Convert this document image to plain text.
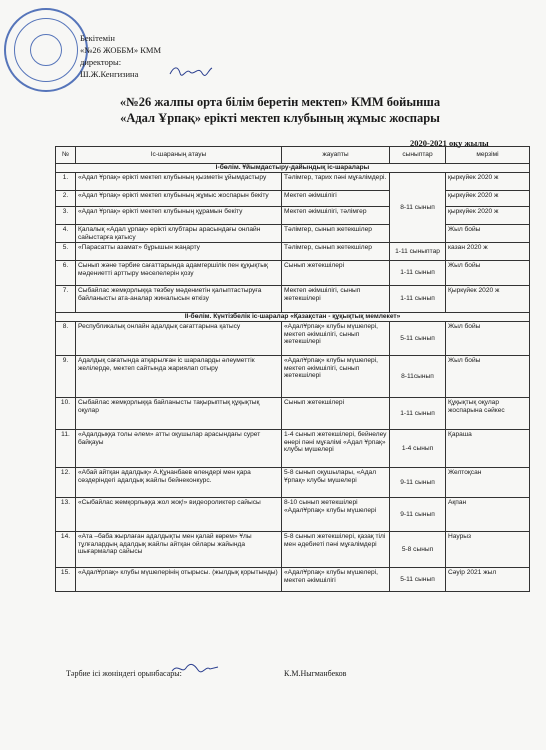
Бекітемін
«№26 ЖОББМ» КММ
директоры:
Ш.Ж.Кенгизина
«№26 жалпы орта білім беретін мектеп» КММ бойынша
«Адал Ұрпақ» ерікті мектеп клубының жұмыс жоспары
2020-2021 оқу жылы
№	Іс-шараның атауы	жауапты	сыныптар	мерзімі
I-бөлім. Ұйымдастыру-дайындық іс-шаралары				
1.	«Адал Ұрпақ» ерікті мектеп клубының қызметін ұйымдастыру	Тәлімгер, тарих пәні мұғалімдері.	8-11 сынып	қыркүйек 2020 ж
2.	«Адал Ұрпақ» ерікті мектеп клубының жұмыс жоспарын бекіту	Мектеп әкімшілігі		қыркүйек 2020 ж
3.	«Адал Ұрпақ» ерікті мектеп клубының құрамын бекіту	Мектеп әкімшілігі, тәлімгер		қыркүйек 2020 ж
4.	Қалалық «Адал ұрпақ» ерікті клубтары арасындағы онлайн сайыстарға қатысу	Тәлімгер, сынып жетекшілер		Жыл бойы
5.	«Парасатты азамат» бұрышын жаңарту	Тәлімгер, сынып жетекшілер	1-11 сыныптар	казан 2020 ж
6.	Сынып және тәрбие сағаттарында адамгершілік пен құқықтық мәдениетті арттыру мәселелерін қозу	Сынып жетекшілері	1-11 сынып	Жыл бойы
7.	Сыбайлас жемқорлыққа төзбеу мәдениетін қалыптастыруға байланысты ата-аналар жиналысын өткізу	Мектеп әкімшілігі, сынып жетекшілері	1-11 сынып	Қыркүйек 2020 ж
II-бөлім. Күнтізбелік іс-шаралар «Қазақстан - құқықтық мемлекет»				
8.	Республикалық онлайн адалдық сағаттарына қатысу	«АдалҰрпақ» клубы мүшелері, мектеп әкімшілігі, сынып жетекшілері	5-11 сынып	Жыл бойы
9.	Адалдық сағатында атқарылған іс шараларды әлеуметтік желілерде, мектеп сайтында жариялап отыру	«АдалҰрпақ» клубы мүшелері, мектеп әкімшілігі, сынып жетекшілері	8-11сынып	Жыл бойы
10.	Сыбайлас жемқорлыққа байланысты тақырыптық құқықтық оқулар	Сынып жетекшілері	1-11 сынып	Құқықтық оқулар жоспарына сәйкес
11.	«Адалдыққа толы әлем» атты оқушылар арасындағы сурет байқауы	1-4 сынып жетекшілері, бейнелеу өнері пәні мұғалімі «Адал Ұрпақ» клубы мүшелері	1-4 сынып	Қараша
12.	«Абай айтқан адалдық» А.Құнанбаев өлеңдері мен қара сөздеріндегі адалдық жайлы бейнеконкурс.	5-8 сынып оқушылары, «Адал Ұрпақ» клубы мүшелері	9-11 сынып	Желтоқсан
13.	«Сыбайлас жемқорлыққа жол жоқ!» видеороликтер сайысы	8-10 сынып жетекшілері «АдалҰрпақ» клубы мүшелері	9-11 сынып	Ақпан
14.	«Ата –баба жырлаған адалдықты мен қалай көрем» Ұлы тұлғалардың адалдық жайлы айтқан ойлары жайында шығармалар сайысы	5-8 сынып жетекшілері, қазақ тілі мен әдебиеті пәні мұғалімдері	5-8 сынып	Наурыз
15.	«АдалҰрпақ» клубы мүшелерінің отырысы. (жылдық қорытынды)	«АдалҰрпақ» клубы мүшелері, мектеп әкімшілігі	5-11 сынып	Сәуір 2021 жыл
Тәрбие ісі жөніндегі орынбасары:	К.М.Ныгманбеков
